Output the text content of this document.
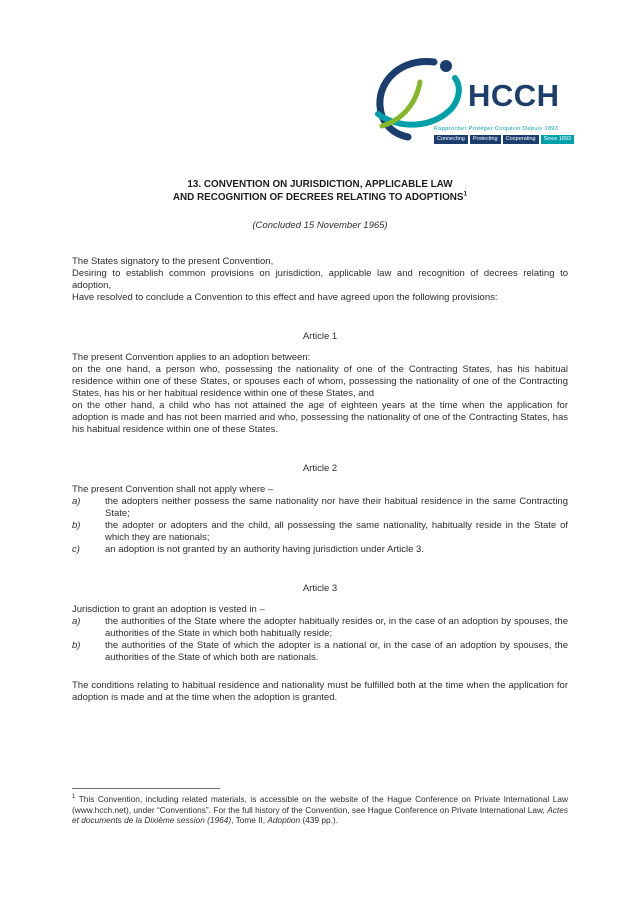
HCCH
Rapprocher Protéger Coopérer Depuis 1893
Connecting	Protecting	Cooperating	Since 1893
13. CONVENTION ON JURISDICTION, APPLICABLE LAW
AND RECOGNITION OF DECREES RELATING TO ADOPTIONS$^1$
(Concluded 15 November 1965)
The States signatory to the present Convention,
Desiring to establish common provisions on jurisdiction, applicable law and recognition of decrees relating to adoption,
Have resolved to conclude a Convention to this effect and have agreed upon the following provisions:
Article 1
The present Convention applies to an adoption between:
on the one hand, a person who, possessing the nationality of one of the Contracting States, has his habitual residence within one of these States, or spouses each of whom, possessing the nationality of one of the Contracting States, has his or her habitual residence within one of these States, and
on the other hand, a child who has not attained the age of eighteen years at the time when the application for adoption is made and has not been married and who, possessing the nationality of one of the Contracting States, has his habitual residence within one of these States.
Article 2
The present Convention shall not apply where –
a)	the adopters neither possess the same nationality nor have their habitual residence in the same Contracting State;
b)	the adopter or adopters and the child, all possessing the same nationality, habitually reside in the State of which they are nationals;
c)	an adoption is not granted by an authority having jurisdiction under Article 3.
Article 3
Jurisdiction to grant an adoption is vested in –
a)	the authorities of the State where the adopter habitually resides or, in the case of an adoption by spouses, the authorities of the State in which both habitually reside;
b)	the authorities of the State of which the adopter is a national or, in the case of an adoption by spouses, the authorities of the State of which both are nationals.
The conditions relating to habitual residence and nationality must be fulfilled both at the time when the application for adoption is made and at the time when the adoption is granted.
$^1$ This Convention, including related materials, is accessible on the website of the Hague Conference on Private International Law (www.hcch.net), under “Conventions”. For the full history of the Convention, see Hague Conference on Private International Law, Actes et documents de la Dixième session (1964), Tome II, Adoption (439 pp.).
